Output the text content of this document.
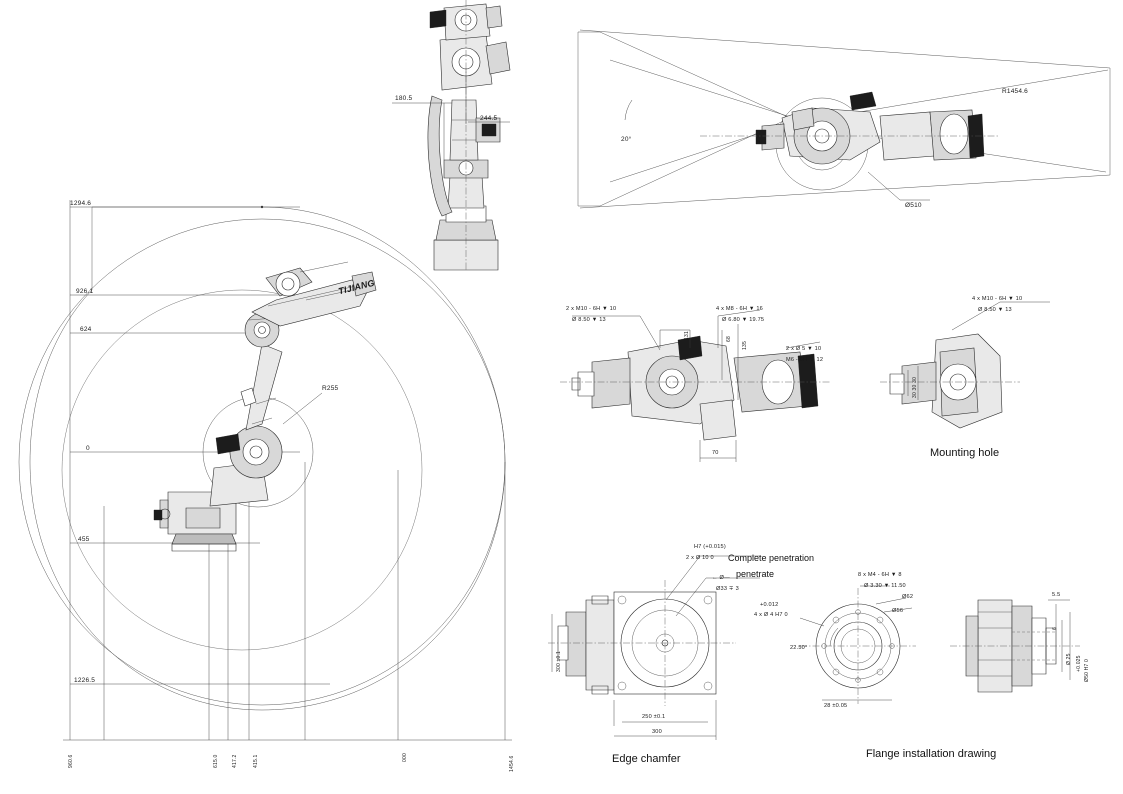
180.5
244.5
R1454.6
20°
Ø510
1294.6
926.1
624
0
455
1226.5
R255
TIJIANG
960.6	615.0	417.2	415.1	000	1454.6
2 x M10 - 6H ▼ 10
Ø 8.50 ▼ 13
4 x M8 - 6H ▼ 16
Ø 6.80 ▼ 19.75
2 x Ø 5 ▼ 10
M6 - 6H ▼ 12
131	68
135
70
4 x M10 - 6H ▼ 10
Ø 8.50 ▼ 13
30 30 30
Mounting hole
H7 (+0.015)
2 x Ø 10 0 Complete penetration
penetrate
← Ø—
Ø33 ∓ 3
300 ±0.1
250 ±0.1
300
Edge chamfer
8 x M4 - 6H ▼ 8
Ø 3.30 ▼ 11.50
Ø62
Ø56
+0.012
4 x Ø 4 H7 0
22.50°
28 ±0.05
Flange installation drawing
5.5
6
Ø 25 +0.025 Ø50 H7 0
